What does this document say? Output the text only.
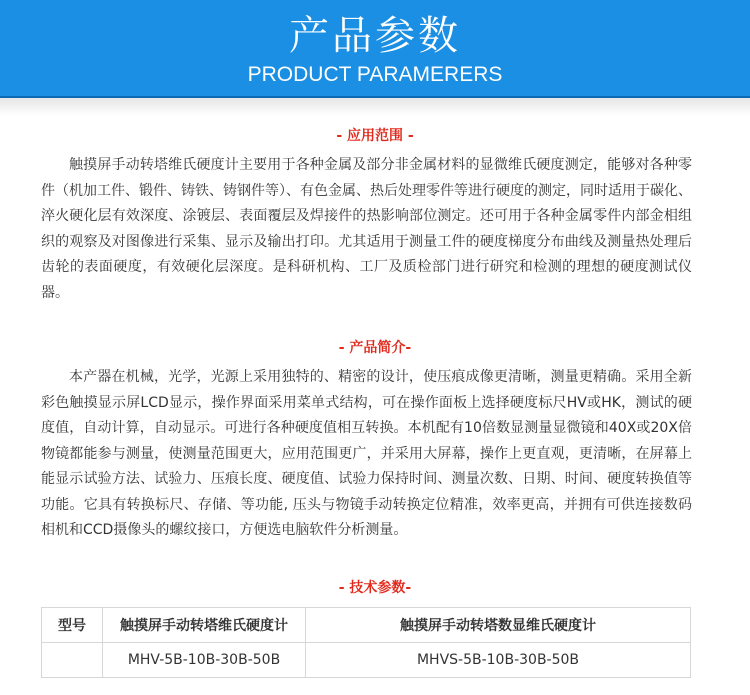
产品参数
PRODUCT PARAMERERS
- 应用范围 -

触摸屏手动转塔维氏硬度计主要用于各种金属及部分非金属材料的显微维氏硬度测定，能够对各种零件（机加工件、锻件、铸铁、铸钢件等）、有色金属、热后处理零件等进行硬度的测定，同时适用于碳化、淬火硬化层有效深度、涂镀层、表面覆层及焊接件的热影响部位测定。还可用于各种金属零件内部金相组织的观察及对图像进行采集、显示及输出打印。尤其适用于测量工件的硬度梯度分布曲线及测量热处理后齿轮的表面硬度，有效硬化层深度。是科研机构、工厂及质检部门进行研究和检测的理想的硬度测试仪器。

- 产品简介-

本产器在机械，光学，光源上采用独特的、精密的设计，使压痕成像更清晰，测量更精确。采用全新彩色触摸显示屏LCD显示，操作界面采用菜单式结构，可在操作面板上选择硬度标尺HV或HK，测试的硬度值，自动计算，自动显示。可进行各种硬度值相互转换。本机配有10倍数显测量显微镜和40X或20X倍物镜都能参与测量，使测量范围更大，应用范围更广，并采用大屏幕，操作上更直观，更清晰，在屏幕上能显示试验方法、试验力、压痕长度、硬度值、试验力保持时间、测量次数、日期、时间、硬度转换值等功能。它具有转换标尺、存储、等功能, 压头与物镜手动转换定位精准，效率更高，并拥有可供连接数码相机和CCD摄像头的螺纹接口，方便选电脑软件分析测量。

- 技术参数-
型号	触摸屏手动转塔维氏硬度计	触摸屏手动转塔数显维氏硬度计
	MHV-5B-10B-30B-50B	MHVS-5B-10B-30B-50B
